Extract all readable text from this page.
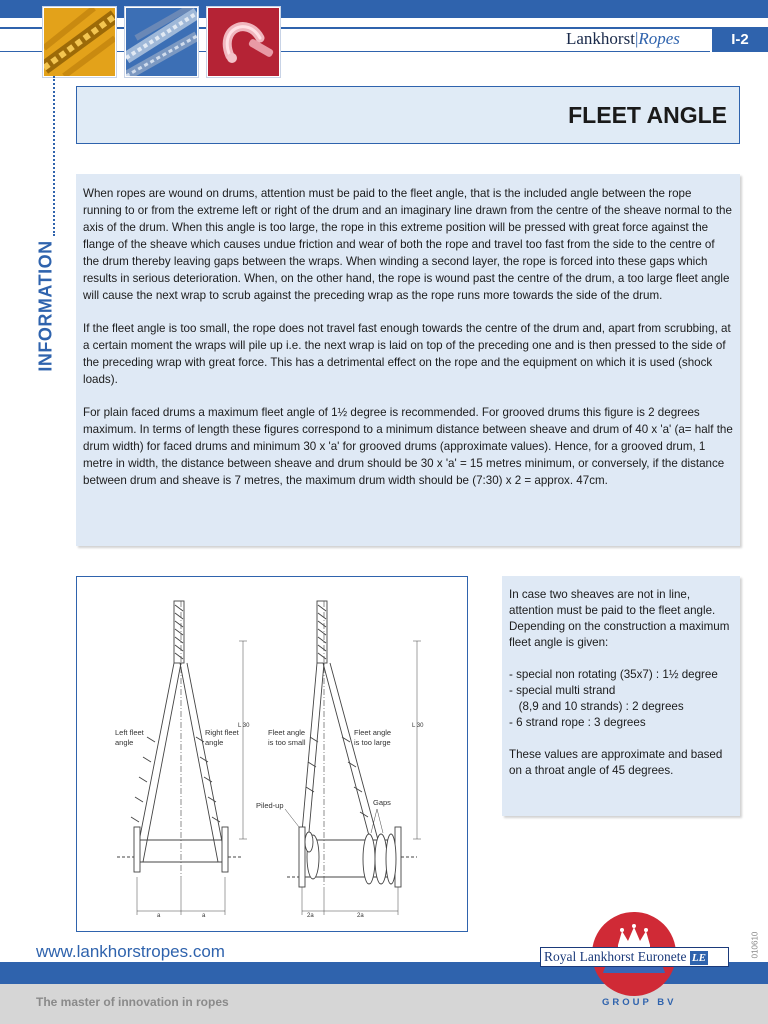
Lankhorst|Ropes	I-2
INFORMATION
FLEET ANGLE

When ropes are wound on drums, attention must be paid to the fleet angle, that is the included angle between the rope running to or from the extreme left or right of the drum and an imaginary line drawn from the centre of the sheave normal to the axis of the drum. When this angle is too large, the rope in this extreme position will be pressed with great force against the flange of the sheave which causes undue friction and wear of both the rope and travel too fast from the side to the centre of the drum thereby leaving gaps between the wraps. When winding a second layer, the rope is forced into these gaps which results in serious deterioration. When, on the other hand, the rope is wound past the centre of the drum, a too large fleet angle will cause the next wrap to scrub against the preceding wrap as the rope runs more towards the side of the drum.

If the fleet angle is too small, the rope does not travel fast enough towards the centre of the drum and, apart from scrubbing, at a certain moment the wraps will pile up i.e. the next wrap is laid on top of the preceding one and is then pressed to the side of the preceding wrap with great force. This has a detrimental effect on the rope and the equipment on which it is used (shock loads).

For plain faced drums a maximum fleet angle of 1½ degree is recommended. For grooved drums this figure is 2 degrees maximum. In terms of length these figures correspond to a minimum distance between sheave and drum of 40 x 'a' (a= half the drum width) for faced drums and minimum 30 x 'a' for grooved drums (approximate values). Hence, for a grooved drum, 1 metre in width, the distance between sheave and drum should be 30 x 'a' = 15 metres minimum, or conversely, if the distance between drum and sheave is 7 metres, the maximum drum width should be (7:30) x 2 = approx. 47cm.

Left fleet
angle
Right fleet
angle
L 30
a	a
Fleet angle
is too small
Fleet angle
is too large
Piled-up	Gaps
L 30
2a	2a

In case two sheaves are not in line, attention must be paid to the fleet angle. Depending on the construction a maximum fleet angle is given:

- special non rotating (35x7) : 1½ degree
- special multi strand
(8,9 and 10 strands) : 2 degrees
- 6 strand rope : 3 degrees

These values are approximate and based on a throat angle of 45 degrees.

www.lankhorstropes.com
The master of innovation in ropes
Royal Lankhorst Euronete LE
GROUP BV
010610
